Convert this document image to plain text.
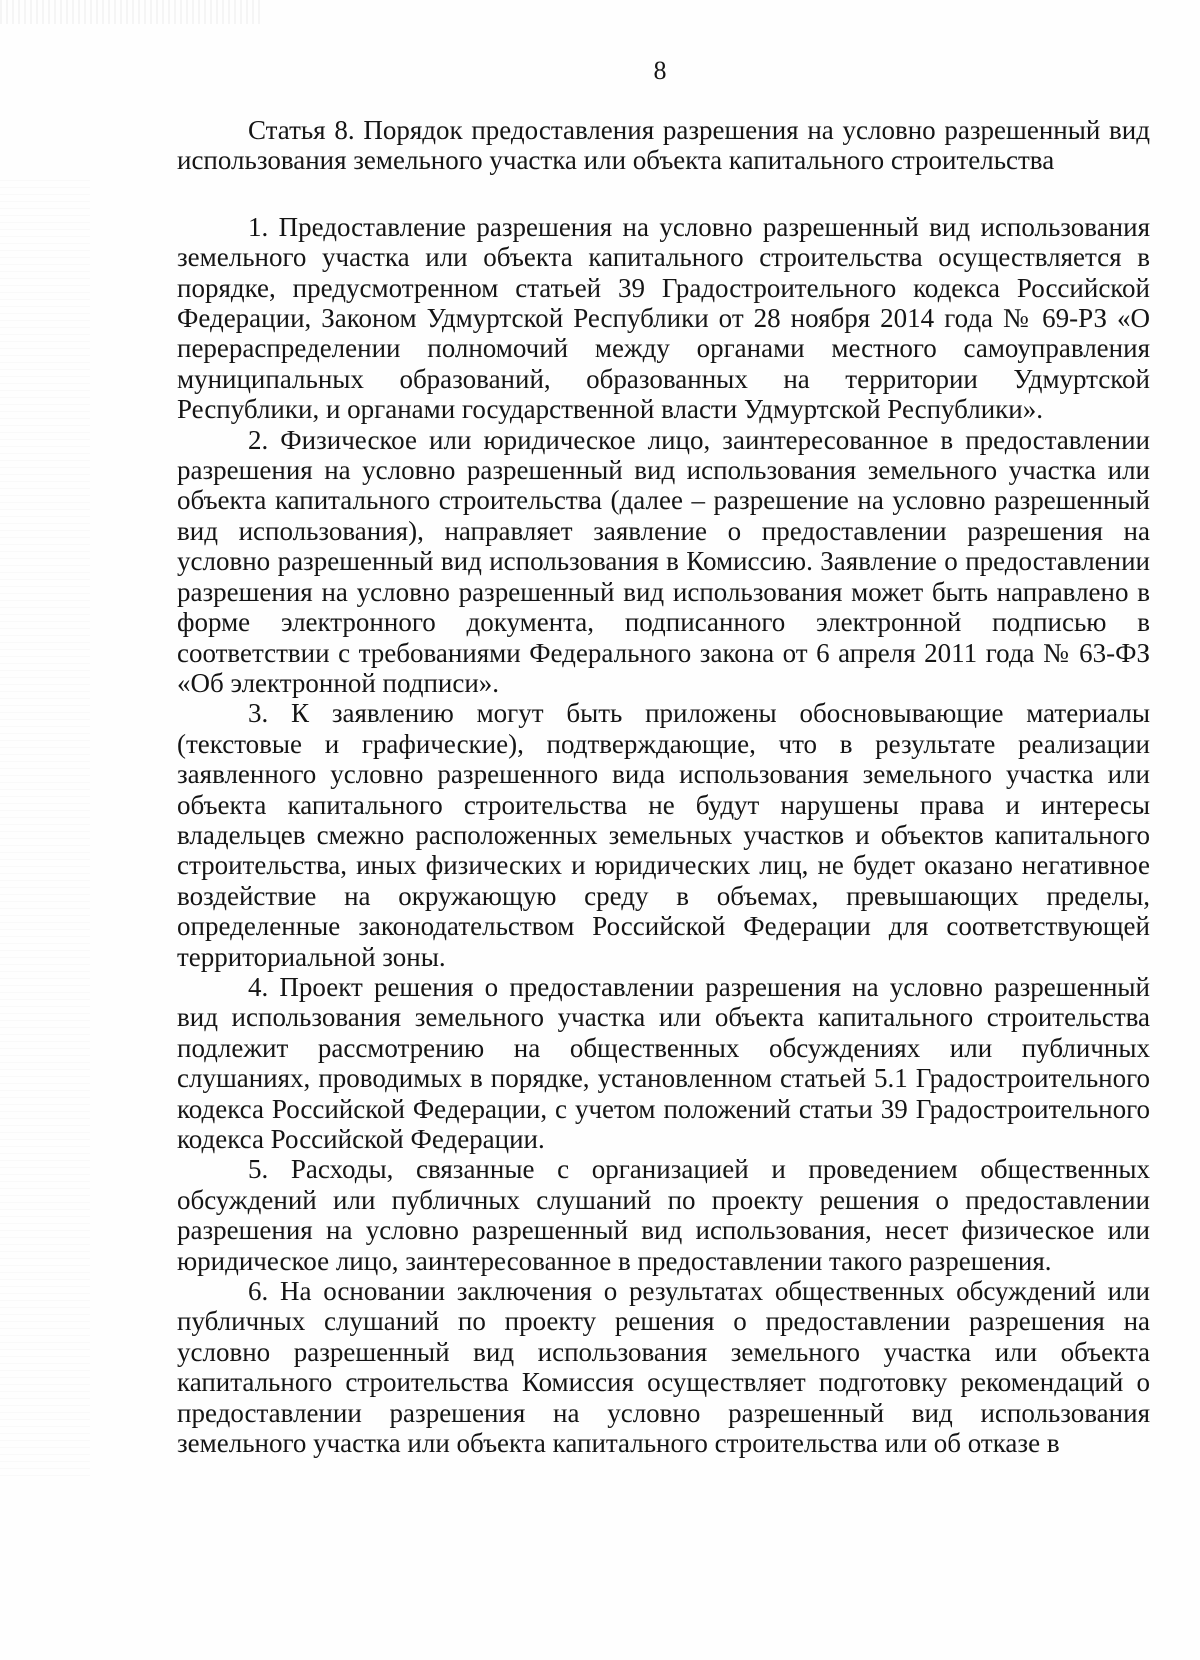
8
Статья 8. Порядок предоставления разрешения на условно разрешенный вид использования земельного участка или объекта капитального строительства

1. Предоставление разрешения на условно разрешенный вид использования земельного участка или объекта капитального строительства осуществляется в порядке, предусмотренном статьей 39 Градостроительного кодекса Российской Федерации, Законом Удмуртской Республики от 28 ноября 2014 года № 69-РЗ «О перераспределении полномочий между органами местного самоуправления муниципальных образований, образованных на территории Удмуртской Республики, и органами государственной власти Удмуртской Республики».

2. Физическое или юридическое лицо, заинтересованное в предоставлении разрешения на условно разрешенный вид использования земельного участка или объекта капитального строительства (далее – разрешение на условно разрешенный вид использования), направляет заявление о предоставлении разрешения на условно разрешенный вид использования в Комиссию. Заявление о предоставлении разрешения на условно разрешенный вид использования может быть направлено в форме электронного документа, подписанного электронной подписью в соответствии с требованиями Федерального закона от 6 апреля 2011 года № 63-ФЗ «Об электронной подписи».

3. К заявлению могут быть приложены обосновывающие материалы (текстовые и графические), подтверждающие, что в результате реализации заявленного условно разрешенного вида использования земельного участка или объекта капитального строительства не будут нарушены права и интересы владельцев смежно расположенных земельных участков и объектов капитального строительства, иных физических и юридических лиц, не будет оказано негативное воздействие на окружающую среду в объемах, превышающих пределы, определенные законодательством Российской Федерации для соответствующей территориальной зоны.

4. Проект решения о предоставлении разрешения на условно разрешенный вид использования земельного участка или объекта капитального строительства подлежит рассмотрению на общественных обсуждениях или публичных слушаниях, проводимых в порядке, установленном статьей 5.1 Градостроительного кодекса Российской Федерации, с учетом положений статьи 39 Градостроительного кодекса Российской Федерации.

5. Расходы, связанные с организацией и проведением общественных обсуждений или публичных слушаний по проекту решения о предоставлении разрешения на условно разрешенный вид использования, несет физическое или юридическое лицо, заинтересованное в предоставлении такого разрешения.

6. На основании заключения о результатах общественных обсуждений или публичных слушаний по проекту решения о предоставлении разрешения на условно разрешенный вид использования земельного участка или объекта капитального строительства Комиссия осуществляет подготовку рекомендаций о предоставлении разрешения на условно разрешенный вид использования земельного участка или объекта капитального строительства или об отказе в
